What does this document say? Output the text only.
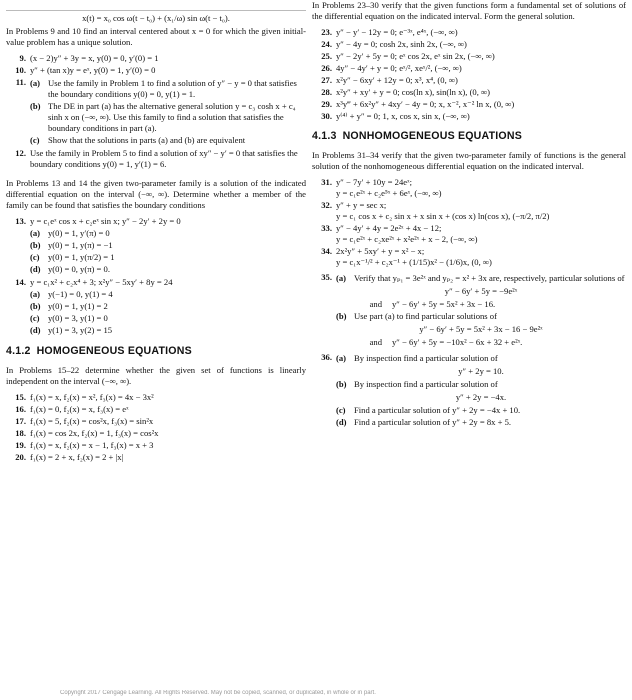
x(t) = x₀ cos ω(t − t₀) + (x₁/ω) sin ω(t − t₀).

In Problems 9 and 10 find an interval centered about x = 0 for which the given initial-value problem has a unique solution.

9. (x − 2)y″ + 3y = x, y(0) = 0, y′(0) = 1
10. y″ + (tan x)y = eˣ, y(0) = 1, y′(0) = 0
11. (a) Use the family in Problem 1 to find a solution of y″ − y = 0 that satisfies the boundary conditions y(0) = 0, y(1) = 1.
(b) The DE in part (a) has the alternative general solution y = c₃ cosh x + c₄ sinh x on (−∞, ∞). Use this family to find a solution that satisfies the boundary conditions in part (a).
(c) Show that the solutions in parts (a) and (b) are equivalent
12. Use the family in Problem 5 to find a solution of xy″ − y′ = 0 that satisfies the boundary conditions y(0) = 1, y′(1) = 6.

In Problems 13 and 14 the given two-parameter family is a solution of the indicated differential equation on the interval (−∞, ∞). Determine whether a member of the family can be found that satisfies the boundary conditions

13. y = c₁eˣ cos x + c₂eˣ sin x; y″ − 2y′ + 2y = 0
(a) y(0) = 1, y′(π) = 0
(b) y(0) = 1, y(π) = −1
(c) y(0) = 1, y(π/2) = 1
(d) y(0) = 0, y(π) = 0.
14. y = c₁x² + c₂x⁴ + 3; x²y″ − 5xy′ + 8y = 24
(a) y(−1) = 0, y(1) = 4
(b) y(0) = 1, y(1) = 2
(c) y(0) = 3, y(1) = 0
(d) y(1) = 3, y(2) = 15
4.1.2 HOMOGENEOUS EQUATIONS

In Problems 15–22 determine whether the given set of functions is linearly independent on the interval (−∞, ∞).

15. f₁(x) = x, f₂(x) = x², f₃(x) = 4x − 3x²
16. f₁(x) = 0, f₂(x) = x, f₃(x) = eˣ
17. f₁(x) = 5, f₂(x) = cos²x, f₃(x) = sin²x
18. f₁(x) = cos 2x, f₂(x) = 1, f₃(x) = cos²x
19. f₁(x) = x, f₂(x) = x − 1, f₃(x) = x + 3
20. f₁(x) = 2 + x, f₂(x) = 2 + |x|

In Problems 23–30 verify that the given functions form a fundamental set of solutions of the differential equation on the indicated interval. Form the general solution.

23. y″ − y′ − 12y = 0; e⁻³ˣ, e⁴ˣ, (−∞, ∞)
24. y″ − 4y = 0; cosh 2x, sinh 2x, (−∞, ∞)
25. y″ − 2y′ + 5y = 0; eˣ cos 2x, eˣ sin 2x, (−∞, ∞)
26. 4y″ − 4y′ + y = 0; eˣ/², xeˣ/², (−∞, ∞)
27. x²y″ − 6xy′ + 12y = 0; x³, x⁴, (0, ∞)
28. x²y″ + xy′ + y = 0; cos(ln x), sin(ln x), (0, ∞)
29. x³y‴ + 6x²y″ + 4xy′ − 4y = 0; x, x⁻², x⁻² ln x, (0, ∞)
30. y⁽⁴⁾ + y″ = 0; 1, x, cos x, sin x, (−∞, ∞)
4.1.3 NONHOMOGENEOUS EQUATIONS

In Problems 31–34 verify that the given two-parameter family of functions is the general solution of the nonhomogeneous differential equation on the indicated interval.

31. y″ − 7y′ + 10y = 24eˣ;
y = c₁e²ˣ + c₂e⁵ˣ + 6eˣ, (−∞, ∞)
32. y″ + y = sec x;
y = c₁ cos x + c₂ sin x + x sin x + (cos x) ln(cos x), (−π/2, π/2)
33. y″ − 4y′ + 4y = 2e²ˣ + 4x − 12;
y = c₁e²ˣ + c₂xe²ˣ + x²e²ˣ + x − 2, (−∞, ∞)
34. 2x²y″ + 5xy′ + y = x² − x;
y = c₁x⁻¹/² + c₂x⁻¹ + (1/15)x² − (1/6)x, (0, ∞)
35. (a) Verify that yₚ₁ = 3e²ˣ and yₚ₂ = x² + 3x are, respectively, particular solutions of
y″ − 6y′ + 5y = −9e²ˣ
and	y″ − 6y′ + 5y = 5x² + 3x − 16.
(b) Use part (a) to find particular solutions of
y″ − 6y′ + 5y = 5x² + 3x − 16 − 9e²ˣ
and	y″ − 6y′ + 5y = −10x² − 6x + 32 + e²ˣ.
36. (a) By inspection find a particular solution of
y″ + 2y = 10.
(b) By inspection find a particular solution of
y″ + 2y = −4x.
(c) Find a particular solution of y″ + 2y = −4x + 10.
(d) Find a particular solution of y″ + 2y = 8x + 5.
Copyright 2017 Cengage Learning. All Rights Reserved. May not be copied, scanned, or duplicated, in whole or in part.
